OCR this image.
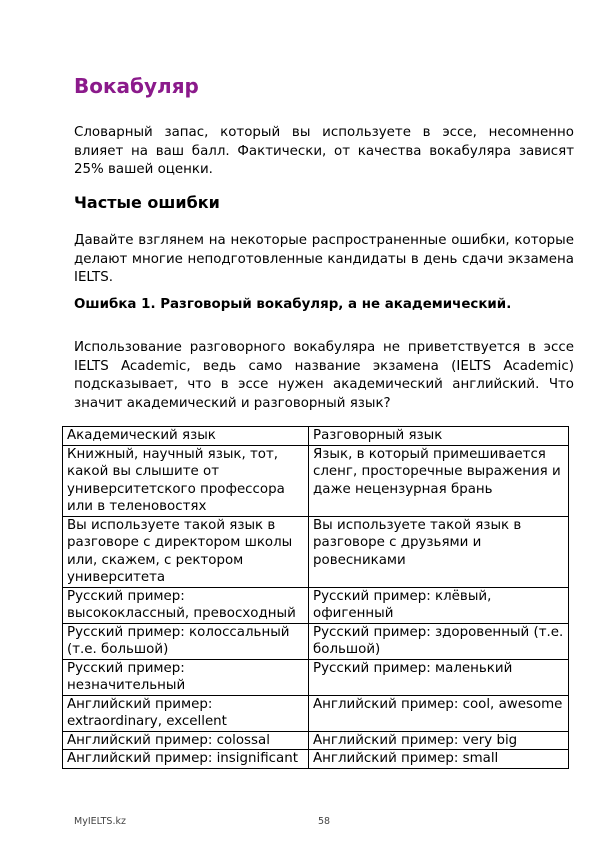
Вокабуляр

Словарный запас, который вы используете в эссе, несомненно влияет на ваш балл. Фактически, от качества вокабуляра зависят 25% вашей оценки.

Частые ошибки

Давайте взглянем на некоторые распространенные ошибки, которые делают многие неподготовленные кандидаты в день сдачи экзамена IELTS.

Ошибка 1. Разговорый вокабуляр, а не академический.

Использование разговорного вокабуляра не приветствуется в эссе IELTS Academic, ведь само название экзамена (IELTS Academic) подсказывает, что в эссе нужен академический английский. Что значит академический и разговорный язык?

Академический язык	Разговорный язык
Книжный, научный язык, тот, какой вы слышите от университетского професcора или в теленовостях	Язык, в который примешивается сленг, просторечные выражения и даже нецензурная брань
Вы используете такой язык в разговоре с директором школы или, скажем, с ректором университета	Вы используете такой язык в разговоре с друзьями и ровесниками
Русский пример: высококлассный, превосходный	Русский пример: клёвый, офигенный
Русский пример: колоссальный (т.е. большой)	Русский пример: здоровенный (т.е. большой)
Русский пример: незначительный	Русский пример: маленький
Английский пример: extraordinary, excellent	Английский пример: cool, awesome
Английский пример: colossal	Английский пример: very big
Английский пример: insignificant	Английский пример: small
MyIELTS.kz	58
